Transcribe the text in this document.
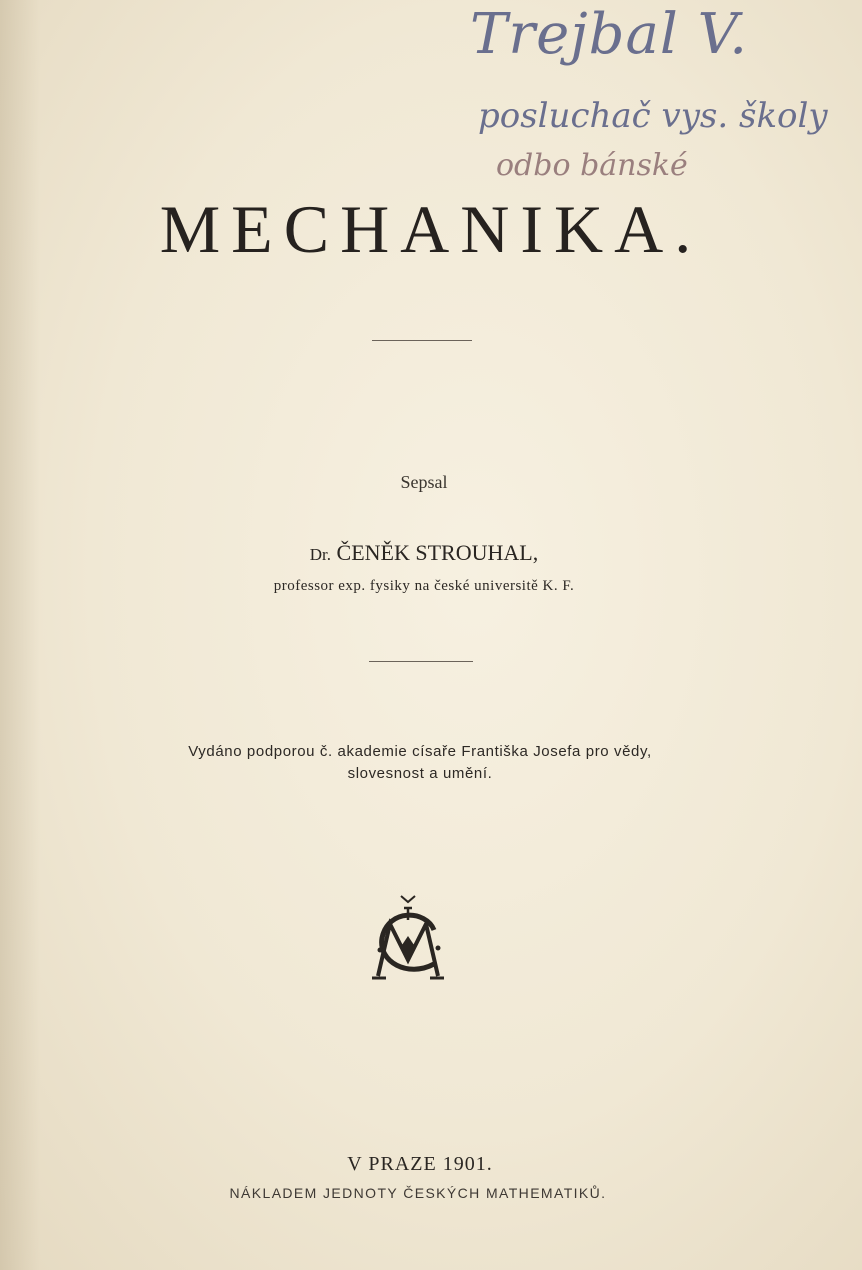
Trejbal V.
posluchač vys. školy
odbo bánské
MECHANIKA.
Sepsal
Dr. ČENĚK STROUHAL,
professor exp. fysiky na české universitě K. F.
Vydáno podporou č. akademie císaře Františka Josefa pro vědy,
slovesnost a umění.
V PRAZE 1901.
NÁKLADEM JEDNOTY ČESKÝCH MATHEMATIKŮ.
